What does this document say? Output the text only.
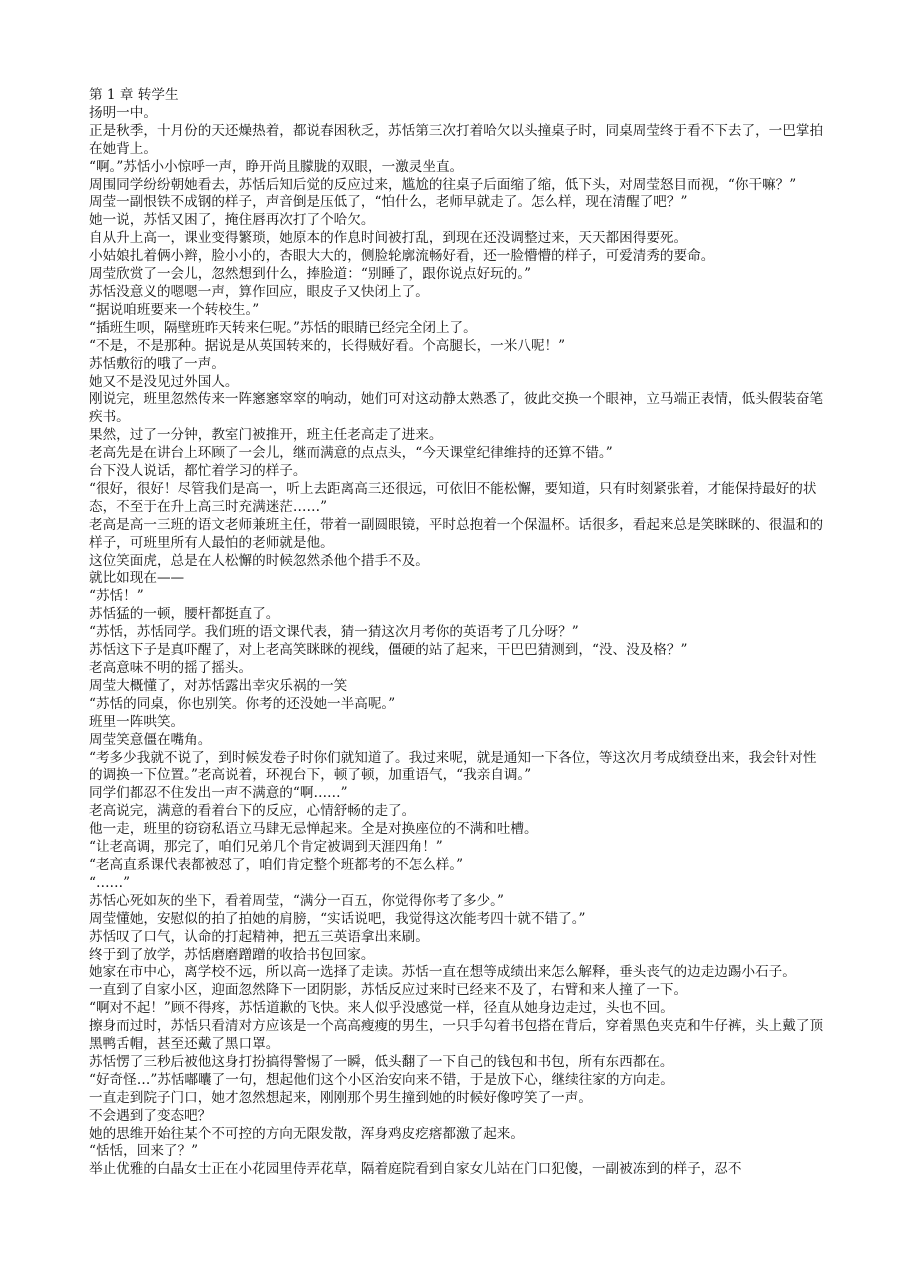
第 1 章 转学生

扬明一中。

正是秋季，十月份的天还燥热着，都说春困秋乏，苏恬第三次打着哈欠以头撞桌子时，同桌周莹终于看不下去了，一巴掌拍在她背上。

“啊。”苏恬小小惊呼一声，睁开尚且朦胧的双眼，一激灵坐直。

周围同学纷纷朝她看去，苏恬后知后觉的反应过来，尴尬的往桌子后面缩了缩，低下头，对周莹怒目而视，“你干嘛？”

周莹一副恨铁不成钢的样子，声音倒是压低了，“怕什么，老师早就走了。怎么样，现在清醒了吧？”

她一说，苏恬又困了，掩住唇再次打了个哈欠。

自从升上高一，课业变得繁琐，她原本的作息时间被打乱，到现在还没调整过来，天天都困得要死。

小姑娘扎着俩小辫，脸小小的，杏眼大大的，侧脸轮廓流畅好看，还一脸懵懵的样子，可爱清秀的要命。

周莹欣赏了一会儿，忽然想到什么，捧脸道：“别睡了，跟你说点好玩的。”

苏恬没意义的嗯嗯一声，算作回应，眼皮子又快闭上了。

“据说咱班要来一个转校生。”

“插班生呗，隔壁班昨天转来仨呢。”苏恬的眼睛已经完全闭上了。

“不是，不是那种。据说是从英国转来的，长得贼好看。个高腿长，一米八呢！”

苏恬敷衍的哦了一声。

她又不是没见过外国人。

刚说完，班里忽然传来一阵窸窸窣窣的响动，她们可对这动静太熟悉了，彼此交换一个眼神，立马端正表情，低头假装奋笔疾书。

果然，过了一分钟，教室门被推开，班主任老高走了进来。

老高先是在讲台上环顾了一会儿，继而满意的点点头，“今天课堂纪律维持的还算不错。”

台下没人说话，都忙着学习的样子。

“很好，很好！尽管我们是高一，听上去距离高三还很远，可依旧不能松懈，要知道，只有时刻紧张着，才能保持最好的状态，不至于在升上高三时充满迷茫……”

老高是高一三班的语文老师兼班主任，带着一副圆眼镜，平时总抱着一个保温杯。话很多，看起来总是笑眯眯的、很温和的样子，可班里所有人最怕的老师就是他。

这位笑面虎，总是在人松懈的时候忽然杀他个措手不及。

就比如现在——

“苏恬！”

苏恬猛的一顿，腰杆都挺直了。

“苏恬，苏恬同学。我们班的语文课代表，猜一猜这次月考你的英语考了几分呀？”

苏恬这下子是真吓醒了，对上老高笑眯眯的视线，僵硬的站了起来，干巴巴猜测到，“没、没及格？”

老高意味不明的摇了摇头。

周莹大概懂了，对苏恬露出幸灾乐祸的一笑

“苏恬的同桌，你也别笑。你考的还没她一半高呢。”

班里一阵哄笑。

周莹笑意僵在嘴角。

“考多少我就不说了，到时候发卷子时你们就知道了。我过来呢，就是通知一下各位，等这次月考成绩登出来，我会针对性的调换一下位置。”老高说着，环视台下，顿了顿，加重语气，“我亲自调。”

同学们都忍不住发出一声不满意的“啊……”

老高说完，满意的看着台下的反应，心情舒畅的走了。

他一走，班里的窃窃私语立马肆无忌惮起来。全是对换座位的不满和吐槽。

“让老高调，那完了，咱们兄弟几个肯定被调到天涯四角！”

“老高直系课代表都被怼了，咱们肯定整个班都考的不怎么样。”

“……”

苏恬心死如灰的坐下，看着周莹，“满分一百五，你觉得你考了多少。”

周莹懂她，安慰似的拍了拍她的肩膀，“实话说吧，我觉得这次能考四十就不错了。”

苏恬叹了口气，认命的打起精神，把五三英语拿出来刷。

终于到了放学，苏恬磨磨蹭蹭的收拾书包回家。

她家在市中心，离学校不远，所以高一选择了走读。苏恬一直在想等成绩出来怎么解释，垂头丧气的边走边踢小石子。

一直到了自家小区，迎面忽然降下一团阴影，苏恬反应过来时已经来不及了，右臂和来人撞了一下。

“啊对不起！”顾不得疼，苏恬道歉的飞快。来人似乎没感觉一样，径直从她身边走过，头也不回。

擦身而过时，苏恬只看清对方应该是一个高高瘦瘦的男生，一只手勾着书包搭在背后，穿着黑色夹克和牛仔裤，头上戴了顶黑鸭舌帽，甚至还戴了黑口罩。

苏恬愣了三秒后被他这身打扮搞得警惕了一瞬，低头翻了一下自己的钱包和书包，所有东西都在。

“好奇怪…”苏恬嘟囔了一句，想起他们这个小区治安向来不错，于是放下心，继续往家的方向走。

一直走到院子门口，她才忽然想起来，刚刚那个男生撞到她的时候好像哼笑了一声。

不会遇到了变态吧？

她的思维开始往某个不可控的方向无限发散，浑身鸡皮疙瘩都激了起来。

“恬恬，回来了？”

举止优雅的白晶女士正在小花园里侍弄花草，隔着庭院看到自家女儿站在门口犯傻，一副被冻到的样子，忍不
